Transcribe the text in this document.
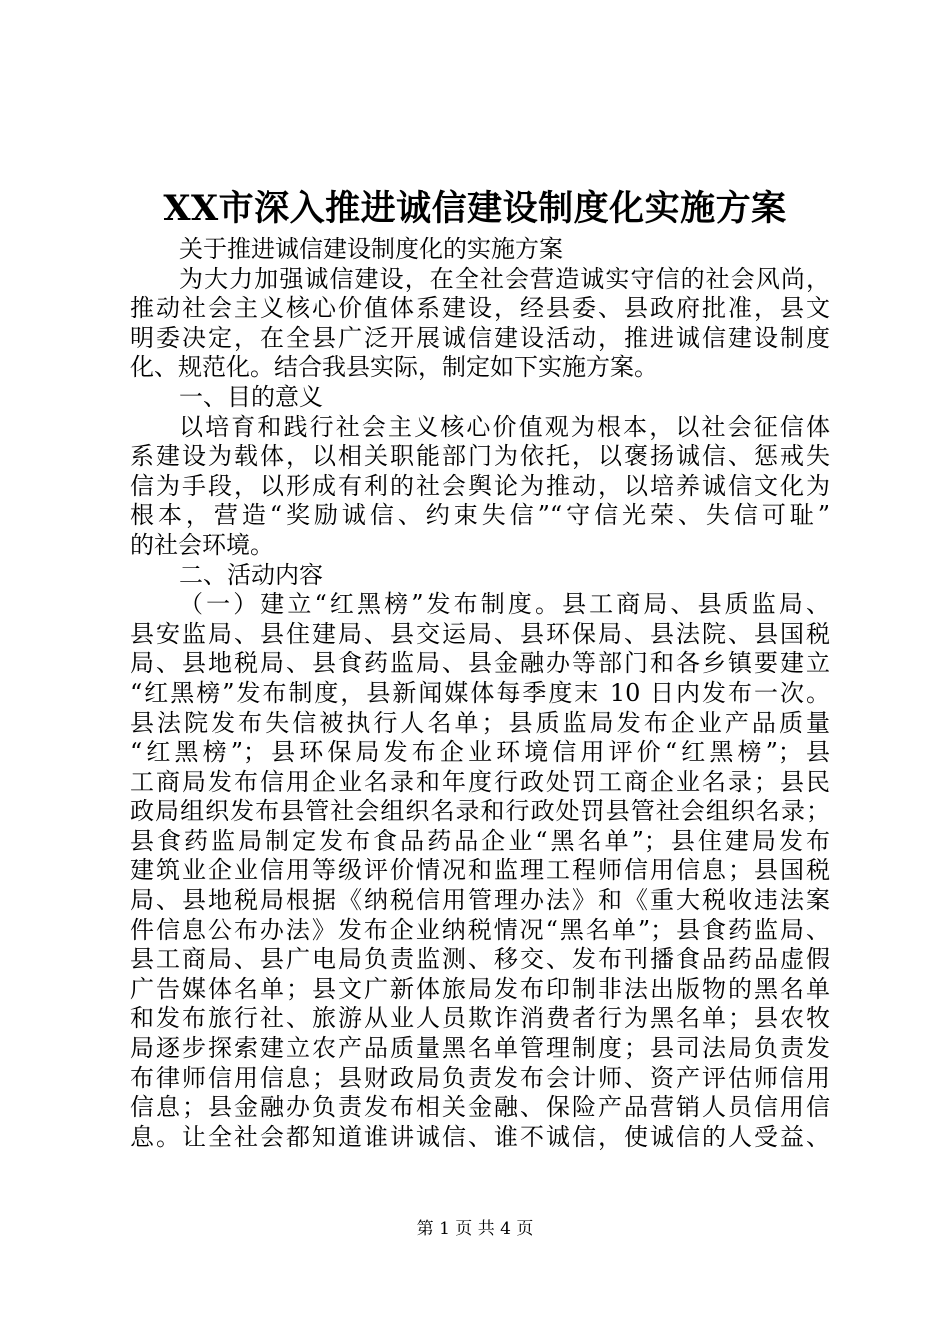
XX市深入推进诚信建设制度化实施方案
关于推进诚信建设制度化的实施方案
为大力加强诚信建设，在全社会营造诚实守信的社会风尚，
推动社会主义核心价值体系建设，经县委、县政府批准，县文
明委决定，在全县广泛开展诚信建设活动，推进诚信建设制度
化、规范化。结合我县实际，制定如下实施方案。
一、目的意义
以培育和践行社会主义核心价值观为根本，以社会征信体
系建设为载体，以相关职能部门为依托，以褒扬诚信、惩戒失
信为手段，以形成有利的社会舆论为推动，以培养诚信文化为
根本，营造“奖励诚信、约束失信”“守信光荣、失信可耻”
的社会环境。
二、活动内容
（一）建立“红黑榜”发布制度。县工商局、县质监局、
县安监局、县住建局、县交运局、县环保局、县法院、县国税
局、县地税局、县食药监局、县金融办等部门和各乡镇要建立
“红黑榜”发布制度，县新闻媒体每季度末 10 日内发布一次。
县法院发布失信被执行人名单；县质监局发布企业产品质量
“红黑榜”；县环保局发布企业环境信用评价“红黑榜”；县
工商局发布信用企业名录和年度行政处罚工商企业名录；县民
政局组织发布县管社会组织名录和行政处罚县管社会组织名录；
县食药监局制定发布食品药品企业“黑名单”；县住建局发布
建筑业企业信用等级评价情况和监理工程师信用信息；县国税
局、县地税局根据《纳税信用管理办法》和《重大税收违法案
件信息公布办法》发布企业纳税情况“黑名单”；县食药监局、
县工商局、县广电局负责监测、移交、发布刊播食品药品虚假
广告媒体名单；县文广新体旅局发布印制非法出版物的黑名单
和发布旅行社、旅游从业人员欺诈消费者行为黑名单；县农牧
局逐步探索建立农产品质量黑名单管理制度；县司法局负责发
布律师信用信息；县财政局负责发布会计师、资产评估师信用
信息；县金融办负责发布相关金融、保险产品营销人员信用信
息。让全社会都知道谁讲诚信、谁不诚信，使诚信的人受益、
第 1 页 共 4 页
